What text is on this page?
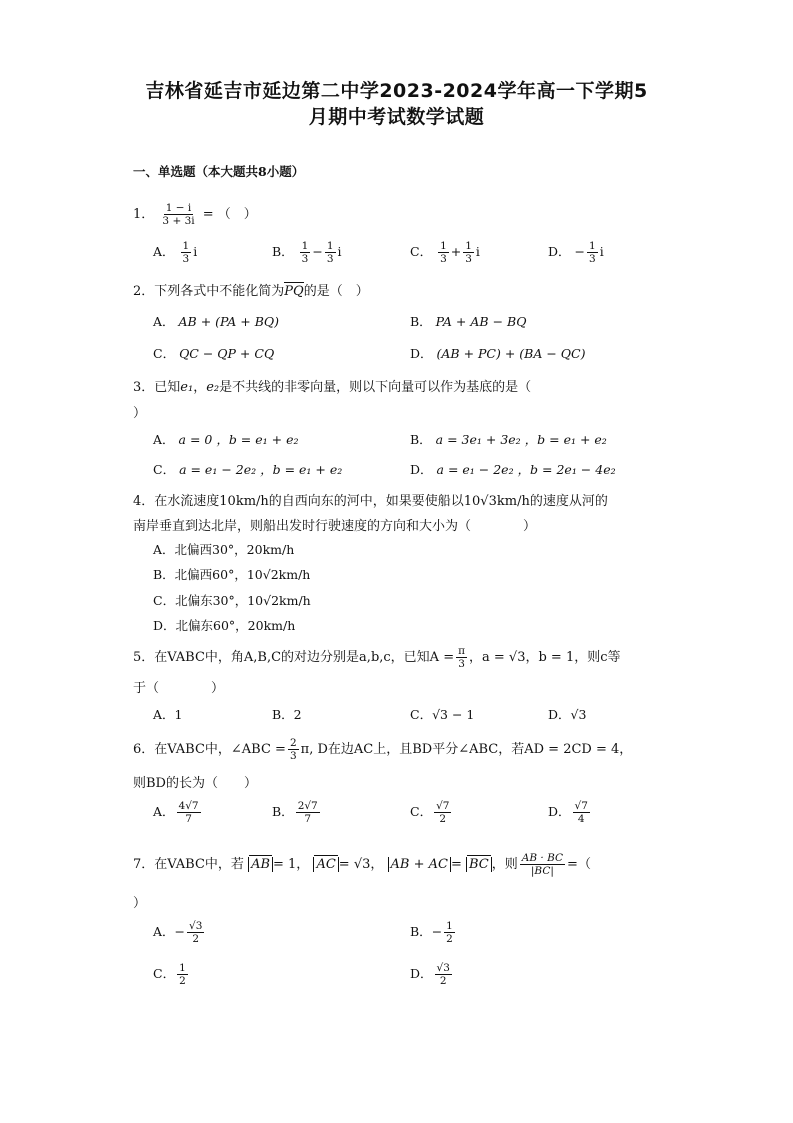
吉林省延吉市延边第二中学2023-2024学年高一下学期5
月期中考试数学试题
一、单选题（本大题共8小题）
1． $\frac{1 - i}{3 + 3i}$ = （　）
A． $\frac{1}{3}$ i	B． $\frac{1}{3} - \frac{1}{3}$ i	C． $\frac{1}{3} + \frac{1}{3}$ i	D． − $\frac{1}{3}$ i
2．下列各式中不能化简为PQ的是（　）
A． AB + (PA + BQ)	B． PA + AB − BQ
C． QC − QP + CQ	D． (AB + PC) + (BA − QC)
3．已知e₁，e₂是不共线的非零向量，则以下向量可以作为基底的是（
）
A． a = 0 ，b = e₁ + e₂	B． a = 3e₁ + 3e₂ ，b = e₁ + e₂
C． a = e₁ − 2e₂ ，b = e₁ + e₂	D． a = e₁ − 2e₂ ，b = 2e₁ − 4e₂
4．在水流速度10km/h的自西向东的河中，如果要使船以10√3km/h的速度从河的
南岸垂直到达北岸，则船出发时行驶速度的方向和大小为（　　　　）
A．北偏西30°，20km/h
B．北偏西60°，10√2km/h
C．北偏东30°，10√2km/h
D．北偏东60°，20km/h
5．在VABC中，角A,B,C的对边分别是a,b,c，已知$A = \frac{\pi}{3}$ ，a = √3，b = 1，则c等
于（　　　　）
A．1	B．2	C．√3 − 1	D．√3
6．在VABC中，∠ABC = $\frac{2}{3} \pi$, D在边AC上，且BD平分∠ABC，若AD = 2CD = 4，
则BD的长为（　　）
A． $\frac{4√7}{7}$	B． $\frac{2√7}{7}$	C． $\frac{√7}{2}$	D． $\frac{√7}{4}$
7．在VABC中，若 AB = 1， AC = √3， AB + AC = BC ，则 $\frac{AB \cdot BC}{|BC|}$ =（
）
A．− $\frac{√3}{2}$	B．− $\frac{1}{2}$
C． $\frac{1}{2}$	D． $\frac{√3}{2}$
